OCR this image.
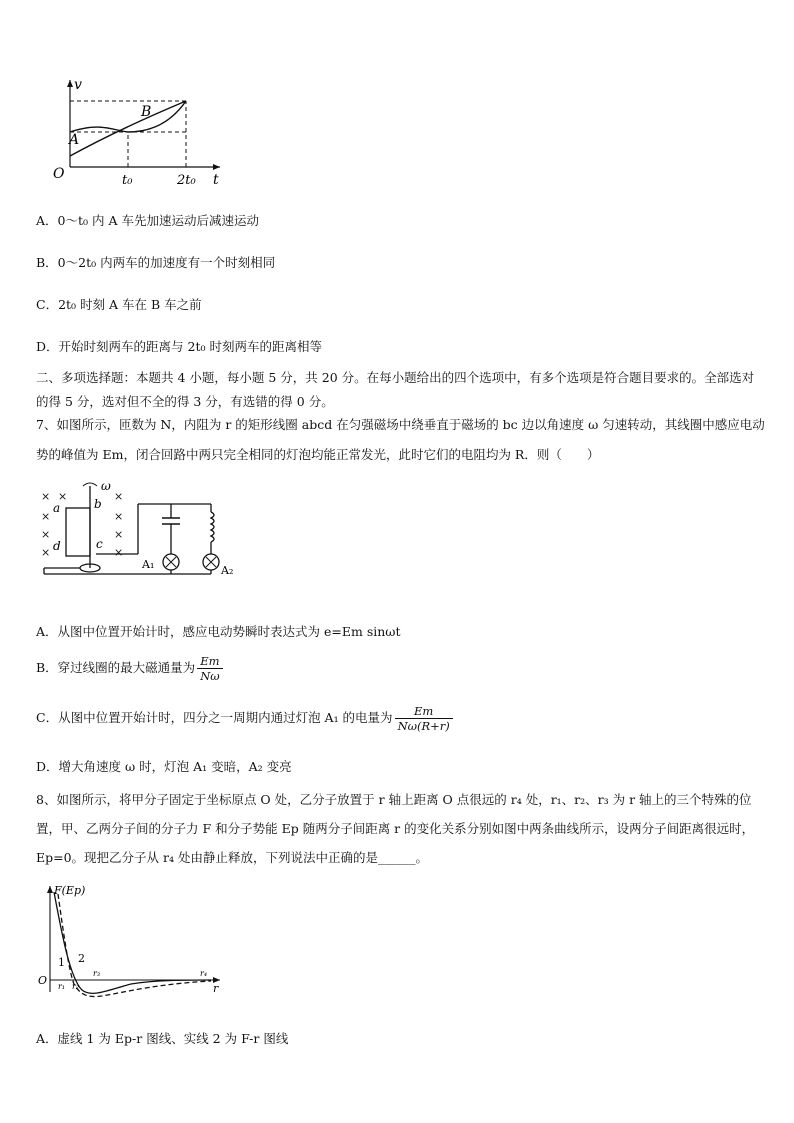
v
t
O
A
B
t₀	2t₀
A．0～t₀ 内 A 车先加速运动后减速运动
B．0～2t₀ 内两车的加速度有一个时刻相同
C．2t₀ 时刻 A 车在 B 车之前
D．开始时刻两车的距离与 2t₀ 时刻两车的距离相等
二、多项选择题：本题共 4 小题，每小题 5 分，共 20 分。在每小题给出的四个选项中，有多个选项是符合题目要求的。全部选对的得 5 分，选对但不全的得 3 分，有选错的得 0 分。
7、如图所示，匝数为 N，内阻为 r 的矩形线圈 abcd 在匀强磁场中绕垂直于磁场的 bc 边以角速度 ω 匀速转动，其线圈中感应电动势的峰值为 Em，闭合回路中两只完全相同的灯泡均能正常发光，此时它们的电阻均为 R．则（　　）
× ×	×
×	×
×	×
×	×
a	b
c
d
ω
A₁	A₂
A．从图中位置开始计时，感应电动势瞬时表达式为 e=Em sinωt
B．穿过线圈的最大磁通量为 $\frac{Em}{N\omega}$
C．从图中位置开始计时，四分之一周期内通过灯泡 A₁ 的电量为 $\frac{Em}{N\omega(R+r)}$
D．增大角速度 ω 时，灯泡 A₁ 变暗，A₂ 变亮
8、如图所示，将甲分子固定于坐标原点 O 处，乙分子放置于 r 轴上距离 O 点很远的 r₄ 处，r₁、r₂、r₃ 为 r 轴上的三个特殊的位置，甲、乙两分子间的分子力 F 和分子势能 Ep 随两分子间距离 r 的变化关系分别如图中两条曲线所示，设两分子间距离很远时，Ep=0。现把乙分子从 r₄ 处由静止释放，下列说法中正确的是______。
F(Ep)
r
O
1 2
r₁ r₂
r₃	r₄
A．虚线 1 为 Ep-r 图线、实线 2 为 F-r 图线
